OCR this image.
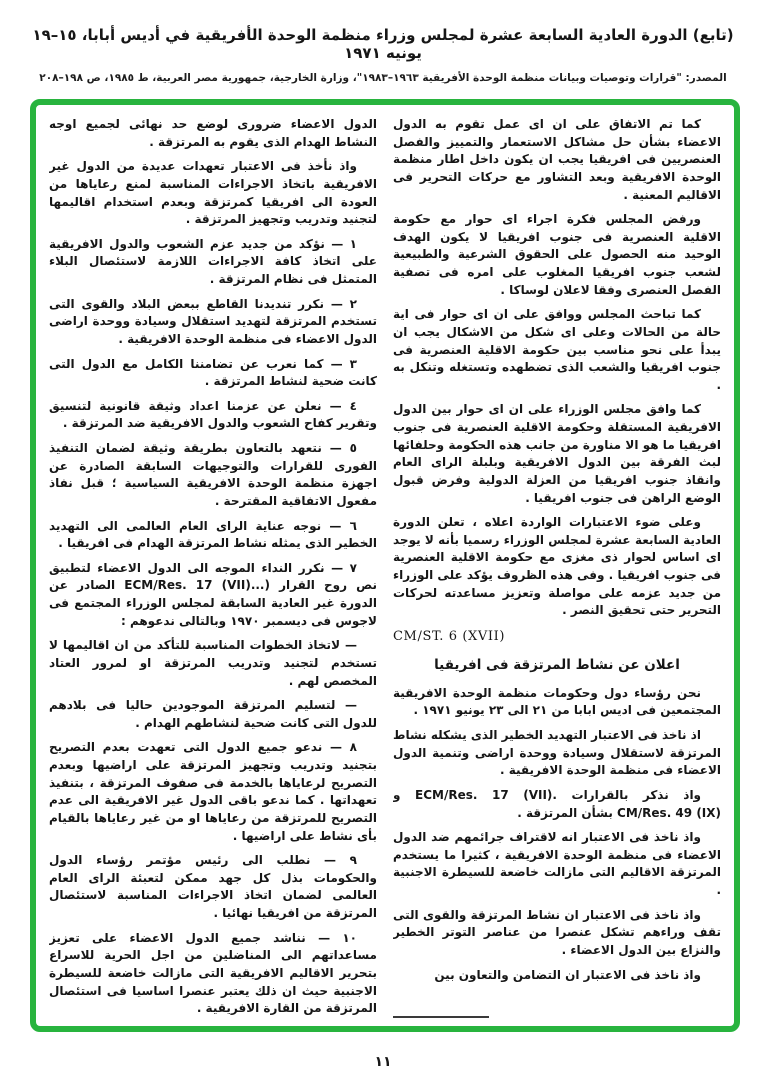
(تابع) الدورة العادية السابعة عشرة لمجلس وزراء منظمة الوحدة الأفريقية في أديس أبابا، ١٥–١٩ يونيه ١٩٧١
المصدر: "قرارات وتوصيات وبيانات منظمة الوحدة الأفريقية ١٩٦٣–١٩٨٣"، وزارة الخارجية، جمهورية مصر العربية، ط ١٩٨٥، ص ١٩٨–٢٠٨

كما تم الاتفاق على ان اى عمل تقوم به الدول الاعضاء بشأن حل مشاكل الاستعمار والتمييز والفصل العنصريين فى افريقيا يجب ان يكون داخل اطار منظمة الوحدة الافريقية وبعد التشاور مع حركات التحرير فى الاقاليم المعنية .

ورفض المجلس فكرة اجراء اى حوار مع حكومة الاقلية العنصرية فى جنوب افريقيا لا يكون الهدف الوحيد منه الحصول على الحقوق الشرعية والطبيعية لشعب جنوب افريقيا المغلوب على امره فى تصفية الفصل العنصرى وفقا لاعلان لوساكا .

كما تباحث المجلس ووافق على ان اى حوار فى اية حالة من الحالات وعلى اى شكل من الاشكال يجب ان يبدأ على نحو مناسب بين حكومة الاقلية العنصرية فى جنوب افريقيا والشعب الذى تضطهده وتستغله وتنكل به .

كما وافق مجلس الوزراء على ان اى حوار بين الدول الافريقية المستقلة وحكومة الاقلية العنصرية فى جنوب افريقيا ما هو الا مناورة من جانب هذه الحكومة وحلفائها لبث الفرقة بين الدول الافريقية وبلبلة الراى العام وانقاذ جنوب افريقيا من العزلة الدولية وفرض قبول الوضع الراهن فى جنوب افريقيا .

وعلى ضوء الاعتبارات الواردة اعلاه ، تعلن الدورة العادية السابعة عشرة لمجلس الوزراء رسميا بأنه لا يوجد اى اساس لحوار ذى مغزى مع حكومة الاقلية العنصرية فى جنوب افريقيا . وفى هذه الظروف يؤكد على الوزراء من جديد عزمه على مواصلة وتعزيز مساعدته لحركات التحرير حتى تحقيق النصر .

CM/ST. 6 (XVII)

اعلان عن نشاط المرتزقة فى افريقيا

نحن رؤساء دول وحكومات منظمة الوحدة الافريقية المجتمعين فى اديس ابابا من ٢١ الى ٢٣ يونيو ١٩٧١ .

اذ ناخذ فى الاعتبار التهديد الخطير الذى يشكله نشاط المرتزقة لاستقلال وسيادة ووحدة اراضى وتنمية الدول الاعضاء فى منظمة الوحدة الافريقية .

واذ نذكر بالقرارات .ECM/Res. 17 (VII) و (CM/Res. 49 (IX بشأن المرتزقة .

واذ ناخذ فى الاعتبار انه لاقتراف جرائمهم ضد الدول الاعضاء فى منظمة الوحدة الافريقية ، كثيرا ما يستخدم المرتزقة الاقاليم التى مازالت خاضعة للسيطرة الاجنبية .

واذ ناخذ فى الاعتبار ان نشاط المرتزقة والقوى التى تقف وراءهم تشكل عنصرا من عناصر التوتر الخطير والنزاع بين الدول الاعضاء .

واذ ناخذ فى الاعتبار ان التضامن والتعاون بين

الدول الاعضاء ضرورى لوضع حد نهائى لجميع اوجه النشاط الهدام الذى يقوم به المرتزقة .

واذ نأخذ فى الاعتبار تعهدات عديدة من الدول غير الافريقية باتخاذ الاجراءات المناسبة لمنع رعاياها من العودة الى افريقيا كمرتزقة وبعدم استخدام اقاليمها لتجنيد وتدريب وتجهيز المرتزقة .

١ — نؤكد من جديد عزم الشعوب والدول الافريقية على اتخاذ كافة الاجراءات اللازمة لاستئصال البلاء المتمثل فى نظام المرتزقة .

٢ — نكرر تنديدنا القاطع ببعض البلاد والقوى التى تستخدم المرتزقة لتهديد استقلال وسيادة ووحدة اراضى الدول الاعضاء فى منظمة الوحدة الافريقية .

٣ — كما نعرب عن تضامننا الكامل مع الدول التى كانت ضحية لنشاط المرتزقة .

٤ — نعلن عن عزمنا اعداد وثيقة قانونية لتنسيق وتقرير كفاح الشعوب والدول الافريقية ضد المرتزقة .

٥ — نتعهد بالتعاون بطريقة وثيقة لضمان التنفيذ الفورى للقرارات والتوجيهات السابقة الصادرة عن اجهزة منظمة الوحدة الافريقية السياسية ؛ قبل نفاذ مفعول الاتفاقية المقترحة .

٦ — نوجه عناية الراى العام العالمى الى التهديد الخطير الذى يمثله نشاط المرتزقة الهدام فى افريقيا .

٧ — نكرر النداء الموجه الى الدول الاعضاء لتطبيق نص روح القرار (...ECM/Res. 17 (VII) الصادر عن الدورة غير العادية السابقة لمجلس الوزراء المجتمع فى لاجوس فى ديسمبر ١٩٧٠ وبالتالى ندعوهم :

— لاتخاذ الخطوات المناسبة للتأكد من ان اقاليمها لا تستخدم لتجنيد وتدريب المرتزقة او لمرور العتاد المخصص لهم .

— لتسليم المرتزقة الموجودين حاليا فى بلادهم للدول التى كانت ضحية لنشاطهم الهدام .

٨ — ندعو جميع الدول التى تعهدت بعدم التصريح بتجنيد وتدريب وتجهيز المرتزقة على اراضيها وبعدم التصريح لرعاياها بالخدمة فى صفوف المرتزقة ، بتنفيذ تعهداتها . كما ندعو باقى الدول غير الافريقية الى عدم التصريح للمرتزقة من رعاياها او من غير رعاياها بالقيام بأى نشاط على اراضيها .

٩ — نطلب الى رئيس مؤتمر رؤساء الدول والحكومات بذل كل جهد ممكن لتعبئة الراى العام العالمى لضمان اتخاذ الاجراءات المناسبة لاستئصال المرتزقة من افريقيا نهائيا .

١٠ — نناشد جميع الدول الاعضاء على تعزيز مساعداتهم الى المناضلين من اجل الحرية للاسراع بتحرير الاقاليم الافريقية التى مازالت خاضعة للسيطرة الاجنبية حيث ان ذلك يعتبر عنصرا اساسيا فى استئصال المرتزقة من القارة الافريقية .

١١
